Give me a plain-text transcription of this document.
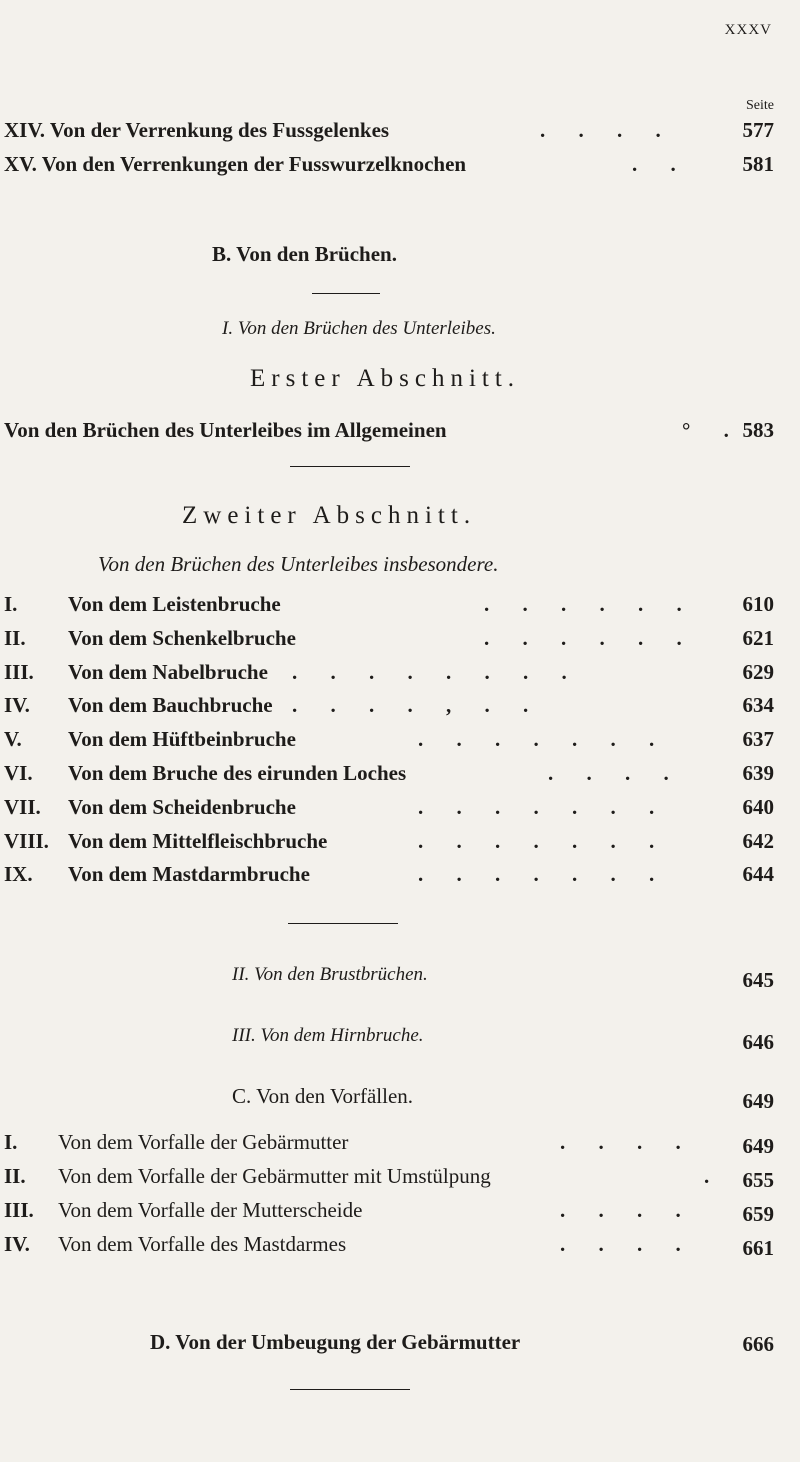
XXXV
Seite
XIV. Von der Verrenkung des Fussgelenkes	. . . .	577
XV. Von den Verrenkungen der Fusswurzelknochen	. .	581
B. Von den Brüchen.
I. Von den Brüchen des Unterleibes.
Erster Abschnitt.
Von den Brüchen des Unterleibes im Allgemeinen	° . 583
Zweiter Abschnitt.
Von den Brüchen des Unterleibes insbesondere.
I. Von dem Leistenbruche	. . . . . .	610
II. Von dem Schenkelbruche	. . . . . .	621
III. Von dem Nabelbruche . . . . . . . .	629
IV. Von dem Bauchbruche . . . . , . .	634
V. Von dem Hüftbeinbruche	. . . . . . .	637
VI. Von dem Bruche des eirunden Loches	. . . .	639
VII. Von dem Scheidenbruche	. . . . . . .	640
VIII. Von dem Mittelfleischbruche	. . . . . . .	642
IX. Von dem Mastdarmbruche	. . . . . . .	644
II. Von den Brustbrüchen.	645
III. Von dem Hirnbruche.	646
C. Von den Vorfällen.	649
I. Von dem Vorfalle der Gebärmutter	. . . .	649
II. Von dem Vorfalle der Gebärmutter mit Umstülpung	. 655
III. Von dem Vorfalle der Mutterscheide	. . . .	659
IV. Von dem Vorfalle des Mastdarmes	. . . .	661
D. Von der Umbeugung der Gebärmutter	666
